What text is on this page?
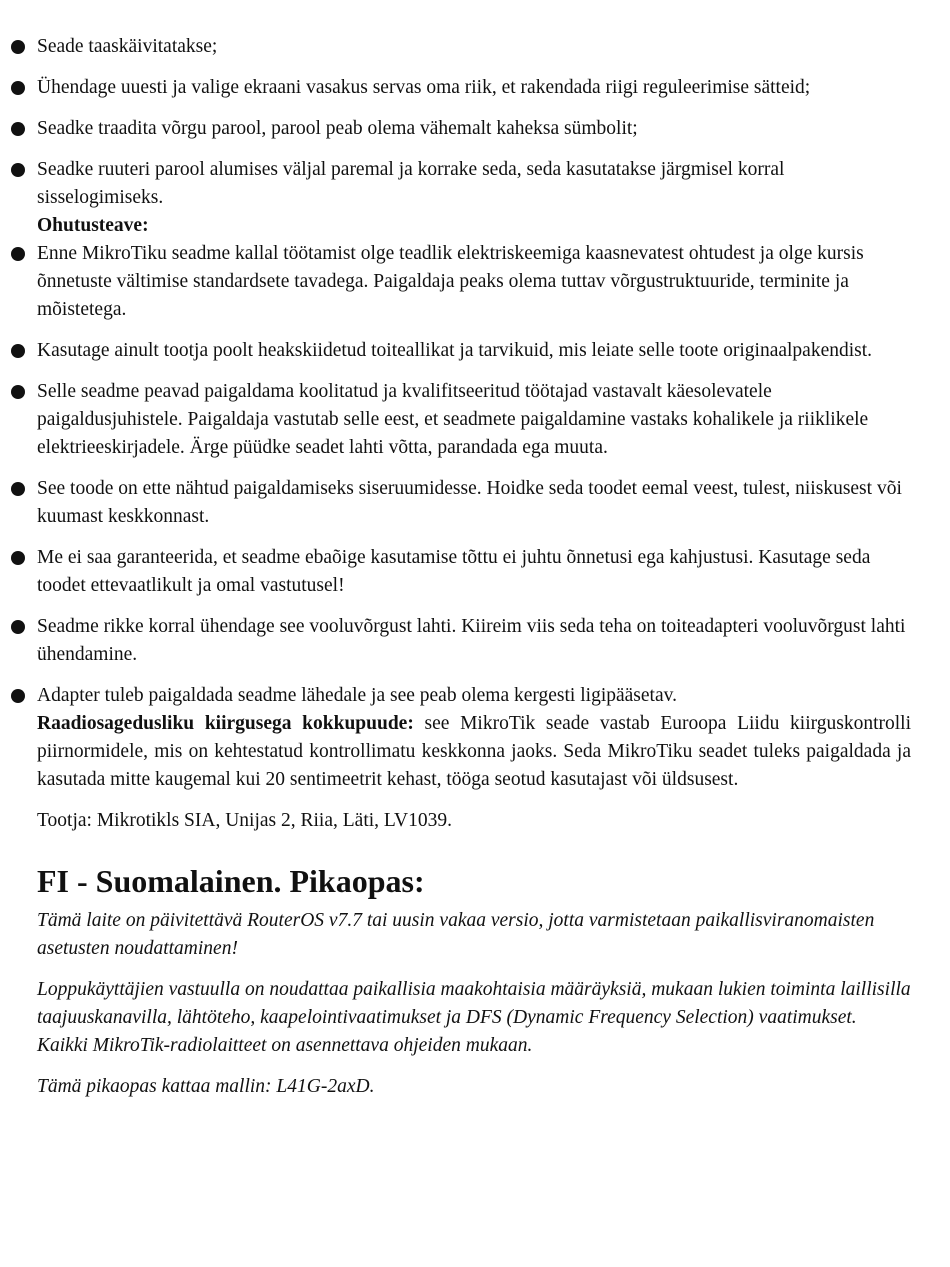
Seade taaskäivitatakse;
Ühendage uuesti ja valige ekraani vasakus servas oma riik, et rakendada riigi reguleerimise sätteid;
Seadke traadita võrgu parool, parool peab olema vähemalt kaheksa sümbolit;
Seadke ruuteri parool alumises väljal paremal ja korrake seda, seda kasutatakse järgmisel korral sisselogimiseks.
Ohutusteave:
Enne MikroTiku seadme kallal töötamist olge teadlik elektriskeemiga kaasnevatest ohtudest ja olge kursis õnnetuste vältimise standardsete tavadega. Paigaldaja peaks olema tuttav võrgustruktuuride, terminite ja mõistetega.
Kasutage ainult tootja poolt heakskiidetud toiteallikat ja tarvikuid, mis leiate selle toote originaalpakendist.
Selle seadme peavad paigaldama koolitatud ja kvalifitseeritud töötajad vastavalt käesolevatele paigaldusjuhistele. Paigaldaja vastutab selle eest, et seadmete paigaldamine vastaks kohalikele ja riiklikele elektrieeskirjadele. Ärge püüdke seadet lahti võtta, parandada ega muuta.
See toode on ette nähtud paigaldamiseks siseruumidesse. Hoidke seda toodet eemal veest, tulest, niiskusest või kuumast keskkonnast.
Me ei saa garanteerida, et seadme ebaõige kasutamise tõttu ei juhtu õnnetusi ega kahjustusi. Kasutage seda toodet ettevaatlikult ja omal vastutusel!
Seadme rikke korral ühendage see vooluvõrgust lahti. Kiireim viis seda teha on toiteadapteri vooluvõrgust lahti ühendamine.
Adapter tuleb paigaldada seadme lähedale ja see peab olema kergesti ligipääsetav.

Raadiosagedusliku kiirgusega kokkupuude: see MikroTik seade vastab Euroopa Liidu kiirguskontrolli piirnormidele, mis on kehtestatud kontrollimatu keskkonna jaoks. Seda MikroTiku seadet tuleks paigaldada ja kasutada mitte kaugemal kui 20 sentimeetrit kehast, tööga seotud kasutajast või üldsusest.

Tootja: Mikrotikls SIA, Unijas 2, Riia, Läti, LV1039.

FI - Suomalainen. Pikaopas:

Tämä laite on päivitettävä RouterOS v7.7 tai uusin vakaa versio, jotta varmistetaan paikallisviranomaisten asetusten noudattaminen!

Loppukäyttäjien vastuulla on noudattaa paikallisia maakohtaisia määräyksiä, mukaan lukien toiminta laillisilla taajuuskanavilla, lähtöteho, kaapelointivaatimukset ja DFS (Dynamic Frequency Selection) vaatimukset. Kaikki MikroTik-radiolaitteet on asennettava ohjeiden mukaan.

Tämä pikaopas kattaa mallin: L41G-2axD.
